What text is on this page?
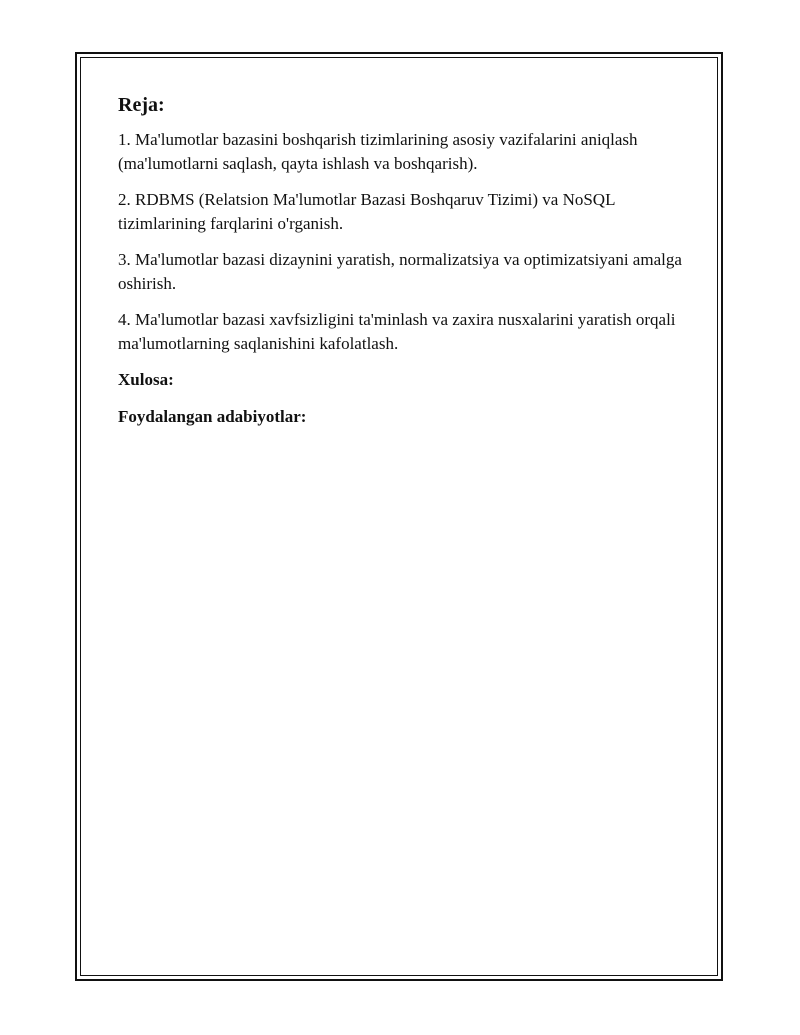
Reja:
1. Ma'lumotlar bazasini boshqarish tizimlarining asosiy vazifalarini aniqlash (ma'lumotlarni saqlash, qayta ishlash va boshqarish).
2. RDBMS (Relatsion Ma'lumotlar Bazasi Boshqaruv Tizimi) va NoSQL tizimlarining farqlarini o'rganish.
3. Ma'lumotlar bazasi dizaynini yaratish, normalizatsiya va optimizatsiyani amalga oshirish.
4. Ma'lumotlar bazasi xavfsizligini ta'minlash va zaxira nusxalarini yaratish orqali ma'lumotlarning saqlanishini kafolatlash.
Xulosa:
Foydalangan adabiyotlar:
